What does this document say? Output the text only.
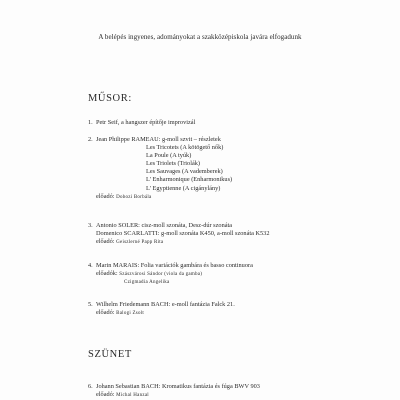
A belépés ingyenes, adományokat a szakközépiskola javára elfogadunk
MŰSOR:
1. Petr Seif, a hangszer építője improvizál
2. Jean Philippe RAMEAU: g-moll szvit – részletek
Les Tricotets (A kötögető nők)
La Poule (A tyúk)
Les Triolets (Triolák)
Les Sauvages (A vademberek)
L' Enharmonique (Enharmonikus)
L' Egyptienne (A cigánylány)
előadó: Dobozi Borbála
3. Antonio SOLER: cisz-moll szonáta, Desz-dúr szonáta
Domenico SCARLATTI: g-moll szonáta K450, a-moll szonáta K532
előadó: Geiszlerné Papp Rita
4. Marin MARAIS: Folia variációk gambára és basso continuora
előadók: Szászvárosi Sándor (viola da gamba)
Czigmadia Angelika
5. Wilhelm Friedemann BACH: e-moll fantázia Falck 21.
előadó: Balogi Zsolt
SZÜNET
6. Johann Sebastian BACH: Kromatikus fantázia és fúga BWV 903
előadó: Michal Hanzal
